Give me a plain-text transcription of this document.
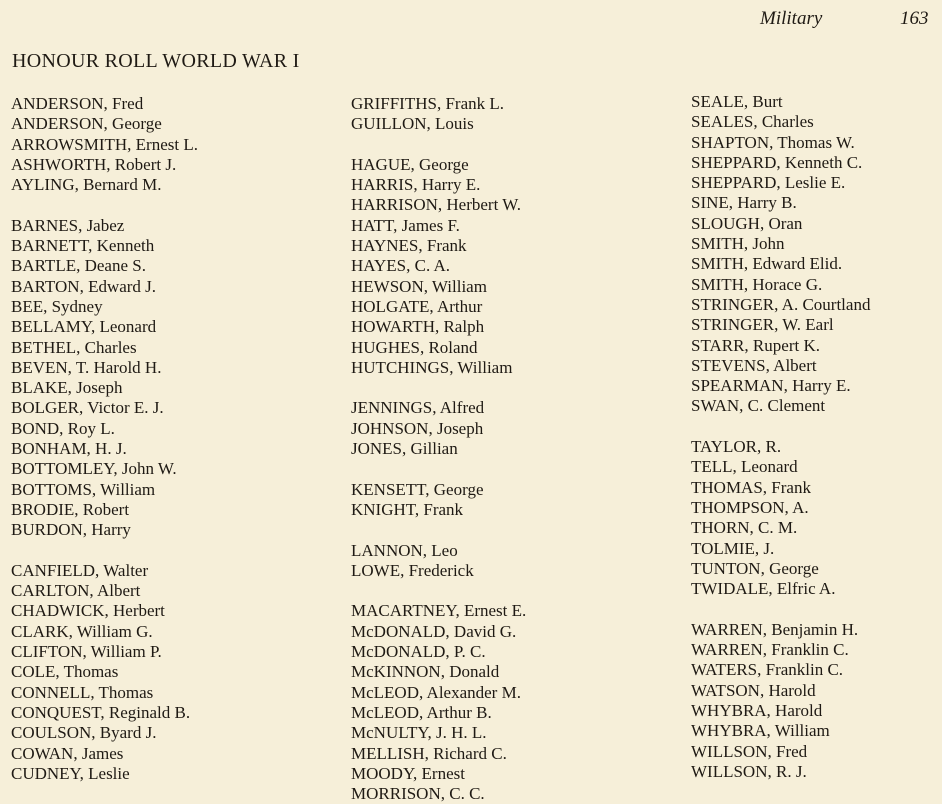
Military	163
HONOUR ROLL WORLD WAR I
ANDERSON, Fred
ANDERSON, George
ARROWSMITH, Ernest L.
ASHWORTH, Robert J.
AYLING, Bernard M.
BARNES, Jabez
BARNETT, Kenneth
BARTLE, Deane S.
BARTON, Edward J.
BEE, Sydney
BELLAMY, Leonard
BETHEL, Charles
BEVEN, T. Harold H.
BLAKE, Joseph
BOLGER, Victor E. J.
BOND, Roy L.
BONHAM, H. J.
BOTTOMLEY, John W.
BOTTOMS, William
BRODIE, Robert
BURDON, Harry
CANFIELD, Walter
CARLTON, Albert
CHADWICK, Herbert
CLARK, William G.
CLIFTON, William P.
COLE, Thomas
CONNELL, Thomas
CONQUEST, Reginald B.
COULSON, Byard J.
COWAN, James
CUDNEY, Leslie
GRIFFITHS, Frank L.
GUILLON, Louis
HAGUE, George
HARRIS, Harry E.
HARRISON, Herbert W.
HATT, James F.
HAYNES, Frank
HAYES, C. A.
HEWSON, William
HOLGATE, Arthur
HOWARTH, Ralph
HUGHES, Roland
HUTCHINGS, William
JENNINGS, Alfred
JOHNSON, Joseph
JONES, Gillian
KENSETT, George
KNIGHT, Frank
LANNON, Leo
LOWE, Frederick
MACARTNEY, Ernest E.
McDONALD, David G.
McDONALD, P. C.
McKINNON, Donald
McLEOD, Alexander M.
McLEOD, Arthur B.
McNULTY, J. H. L.
MELLISH, Richard C.
MOODY, Ernest
MORRISON, C. C.
SEALE, Burt
SEALES, Charles
SHAPTON, Thomas W.
SHEPPARD, Kenneth C.
SHEPPARD, Leslie E.
SINE, Harry B.
SLOUGH, Oran
SMITH, John
SMITH, Edward Elid.
SMITH, Horace G.
STRINGER, A. Courtland
STRINGER, W. Earl
STARR, Rupert K.
STEVENS, Albert
SPEARMAN, Harry E.
SWAN, C. Clement
TAYLOR, R.
TELL, Leonard
THOMAS, Frank
THOMPSON, A.
THORN, C. M.
TOLMIE, J.
TUNTON, George
TWIDALE, Elfric A.
WARREN, Benjamin H.
WARREN, Franklin C.
WATERS, Franklin C.
WATSON, Harold
WHYBRA, Harold
WHYBRA, William
WILLSON, Fred
WILLSON, R. J.
